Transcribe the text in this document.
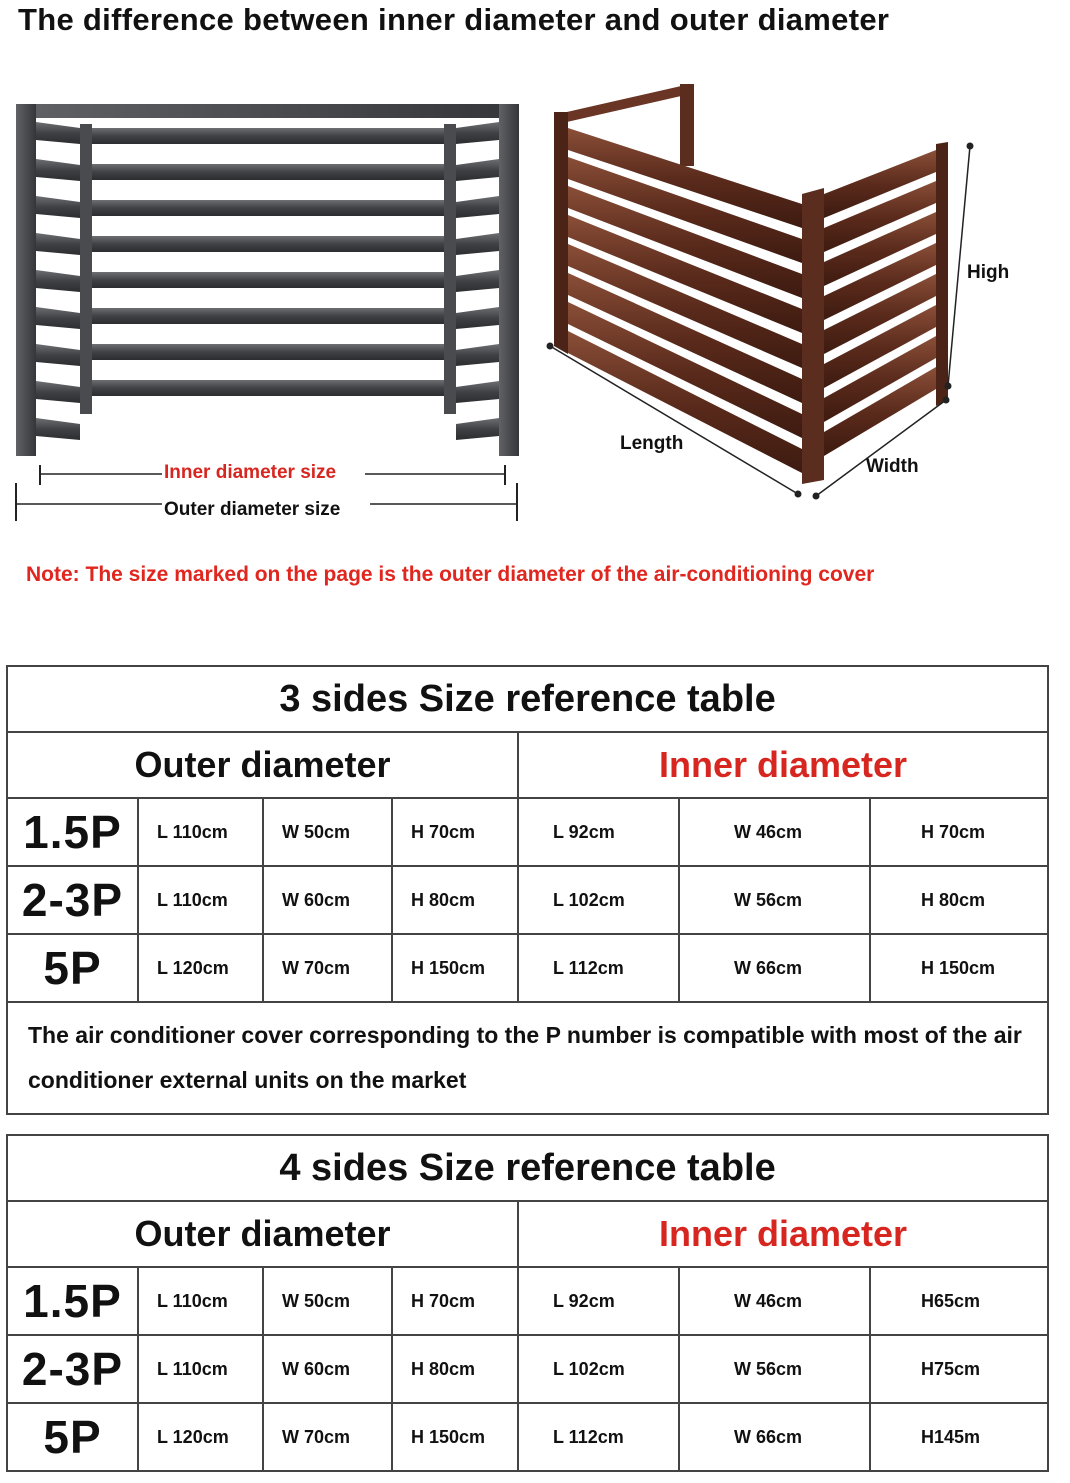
The difference between inner diameter and outer diameter
Inner diameter size
Outer diameter size
Length
Width
High
Note: The size marked on the page is the outer diameter of the air-conditioning cover
3 sides Size reference table						
Outer diameter				Inner diameter		
1.5P	L 110cm	W 50cm	H 70cm	L 92cm	W 46cm	H 70cm
2-3P	L 110cm	W 60cm	H 80cm	L 102cm	W 56cm	H 80cm
5P	L 120cm	W 70cm	H 150cm	L 112cm	W 66cm	H 150cm
The air conditioner cover corresponding to the P number is compatible with most of the air conditioner external units on the market						
4 sides Size reference table						
Outer diameter				Inner diameter		
1.5P	L 110cm	W 50cm	H 70cm	L 92cm	W 46cm	H65cm
2-3P	L 110cm	W 60cm	H 80cm	L 102cm	W 56cm	H75cm
5P	L 120cm	W 70cm	H 150cm	L 112cm	W 66cm	H145m
